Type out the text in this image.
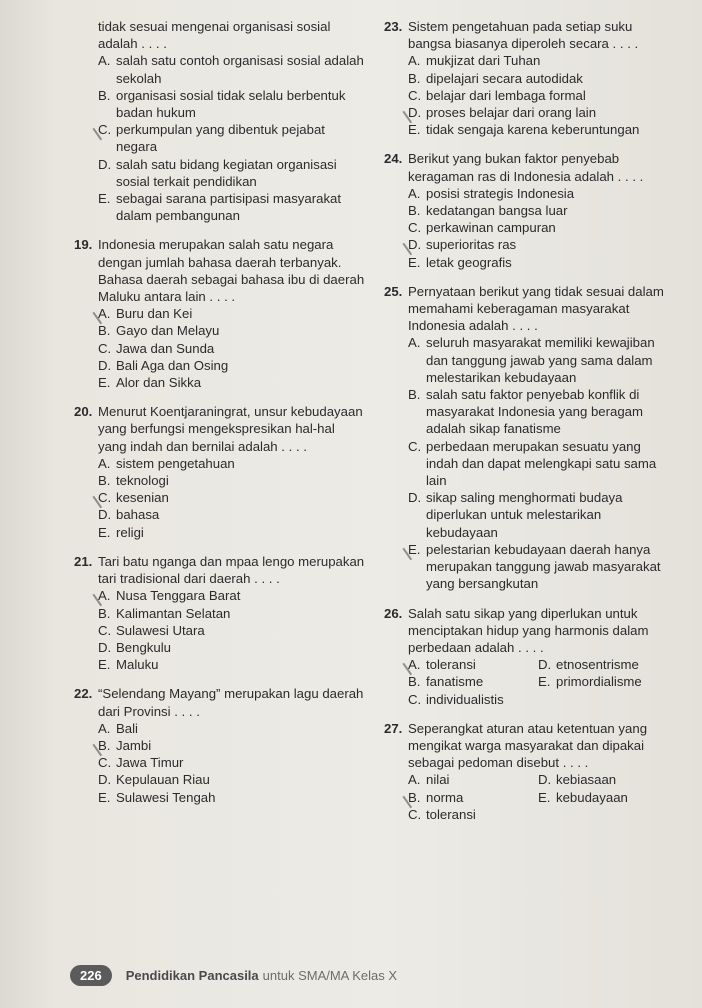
tidak sesuai mengenai organisasi sosial adalah . . . .
A. salah satu contoh organisasi sosial adalah sekolah
B. organisasi sosial tidak selalu berbentuk badan hukum
C. perkumpulan yang dibentuk pejabat negara
D. salah satu bidang kegiatan organisasi sosial terkait pendidikan
E. sebagai sarana partisipasi masyarakat dalam pembangunan
19. Indonesia merupakan salah satu negara dengan jumlah bahasa daerah terbanyak. Bahasa daerah sebagai bahasa ibu di daerah Maluku antara lain . . . .
A. Buru dan Kei
B. Gayo dan Melayu
C. Jawa dan Sunda
D. Bali Aga dan Osing
E. Alor dan Sikka
20. Menurut Koentjaraningrat, unsur kebudayaan yang berfungsi mengekspresikan hal-hal yang indah dan bernilai adalah . . . .
A. sistem pengetahuan
B. teknologi
C. kesenian
D. bahasa
E. religi
21. Tari batu nganga dan mpaa lengo merupakan tari tradisional dari daerah . . . .
A. Nusa Tenggara Barat
B. Kalimantan Selatan
C. Sulawesi Utara
D. Bengkulu
E. Maluku
22. “Selendang Mayang” merupakan lagu daerah dari Provinsi . . . .
A. Bali
B. Jambi
C. Jawa Timur
D. Kepulauan Riau
E. Sulawesi Tengah
23. Sistem pengetahuan pada setiap suku bangsa biasanya diperoleh secara . . . .
A. mukjizat dari Tuhan
B. dipelajari secara autodidak
C. belajar dari lembaga formal
D. proses belajar dari orang lain
E. tidak sengaja karena keberuntungan
24. Berikut yang bukan faktor penyebab keragaman ras di Indonesia adalah . . . .
A. posisi strategis Indonesia
B. kedatangan bangsa luar
C. perkawinan campuran
D. superioritas ras
E. letak geografis
25. Pernyataan berikut yang tidak sesuai dalam memahami keberagaman masyarakat Indonesia adalah . . . .
A. seluruh masyarakat memiliki kewajiban dan tanggung jawab yang sama dalam melestarikan kebudayaan
B. salah satu faktor penyebab konflik di masyarakat Indonesia yang beragam adalah sikap fanatisme
C. perbedaan merupakan sesuatu yang indah dan dapat melengkapi satu sama lain
D. sikap saling menghormati budaya diperlukan untuk melestarikan kebudayaan
E. pelestarian kebudayaan daerah hanya merupakan tanggung jawab masyarakat yang bersangkutan
26. Salah satu sikap yang diperlukan untuk menciptakan hidup yang harmonis dalam perbedaan adalah . . . .
A. toleransi	D. etnosentrisme
B. fanatisme	E. primordialisme
C. individualistis
27. Seperangkat aturan atau ketentuan yang mengikat warga masyarakat dan dipakai sebagai pedoman disebut . . . .
A. nilai	D. kebiasaan
B. norma	E. kebudayaan
C. toleransi
226	Pendidikan Pancasila untuk SMA/MA Kelas X
